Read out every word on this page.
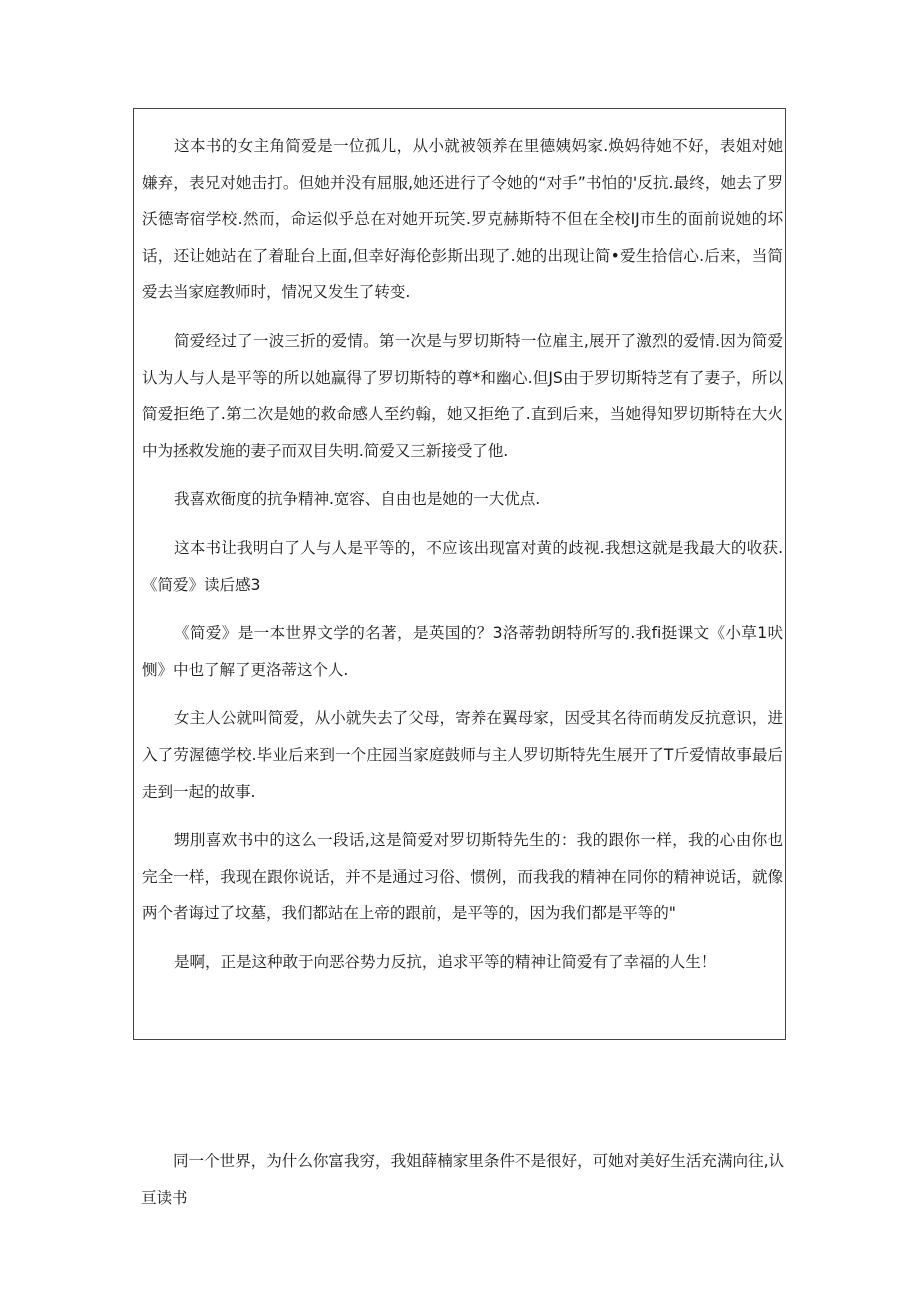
这本书的女主角简爱是一位孤儿，从小就被领养在里德姨妈家.焕妈待她不好，表姐对她嫌弃，表兄对她击打。但她并没有屈服,她还进行了令她的“对手”书怕的'反抗.最终，她去了罗沃德寄宿学校.然而，命运似乎总在对她开玩笑.罗克赫斯特不但在全校IJ市生的面前说她的坏话，还让她站在了着耻台上面,但幸好海伦彭斯出现了.她的出现让简•爱生拾信心.后来，当简爱去当家庭教师时，情况又发生了转变.

简爱经过了一波三折的爱情。第一次是与罗切斯特一位雇主,展开了激烈的爱情.因为简爱认为人与人是平等的所以她赢得了罗切斯特的尊*和幽心.但JS由于罗切斯特芝有了妻子，所以简爱拒绝了.第二次是她的救命感人至约翰，她又拒绝了.直到后来，当她得知罗切斯特在大火中为拯救发施的妻子而双目失明.简爱又三新接受了他.

我喜欢衙度的抗争精神.宽容、自由也是她的一大优点.

这本书让我明白了人与人是平等的，不应该出现富对黄的歧视.我想这就是我最大的收获.《简爱》读后感3

《简爱》是一本世界文学的名著，是英国的？3洛蒂勃朗特所写的.我fi挺课文《小草1吠恻》中也了解了更洛蒂这个人.

女主人公就叫简爱，从小就失去了父母，寄养在翼母家，因受其名待而萌发反抗意识，进入了劳渥德学校.毕业后来到一个庄园当家庭鼓师与主人罗切斯特先生展开了T斤爱情故事最后走到一起的故事.

甥刖喜欢书中的这么一段话,这是简爱对罗切斯特先生的：我的跟你一样，我的心由你也完全一样，我现在跟你说话，并不是通过习俗、惯例，而我我的精神在同你的精神说话，就像两个者诲过了坟墓，我们都站在上帝的跟前，是平等的，因为我们都是平等的"

是啊，正是这种敢于向恶谷势力反抗，追求平等的精神让简爱有了幸福的人生！

同一个世界，为什么你富我穷，我姐薛楠家里条件不是很好，可她对美好生活充满向往,认亘读书
